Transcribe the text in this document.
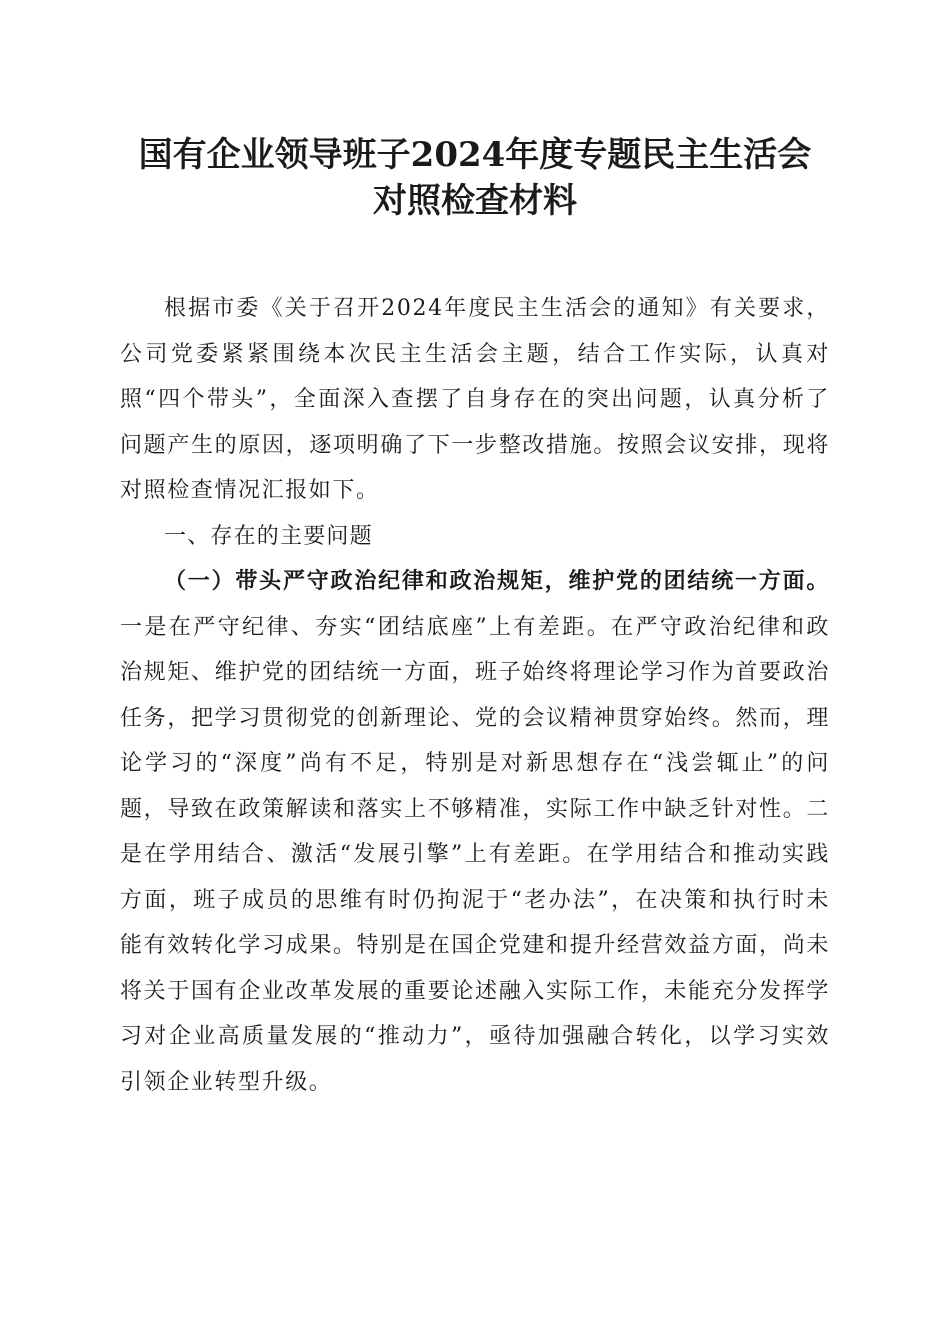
国有企业领导班子2024年度专题民主生活会
对照检查材料

根据市委《关于召开2024年度民主生活会的通知》有关要求，公司党委紧紧围绕本次民主生活会主题，结合工作实际，认真对照“四个带头”，全面深入查摆了自身存在的突出问题，认真分析了问题产生的原因，逐项明确了下一步整改措施。按照会议安排，现将对照检查情况汇报如下。

一、存在的主要问题

（一）带头严守政治纪律和政治规矩，维护党的团结统一方面。一是在严守纪律、夯实“团结底座”上有差距。在严守政治纪律和政治规矩、维护党的团结统一方面，班子始终将理论学习作为首要政治任务，把学习贯彻党的创新理论、党的会议精神贯穿始终。然而，理论学习的“深度”尚有不足，特别是对新思想存在“浅尝辄止”的问题，导致在政策解读和落实上不够精准，实际工作中缺乏针对性。二是在学用结合、激活“发展引擎”上有差距。在学用结合和推动实践方面，班子成员的思维有时仍拘泥于“老办法”，在决策和执行时未能有效转化学习成果。特别是在国企党建和提升经营效益方面，尚未将关于国有企业改革发展的重要论述融入实际工作，未能充分发挥学习对企业高质量发展的“推动力”，亟待加强融合转化，以学习实效引领企业转型升级。
